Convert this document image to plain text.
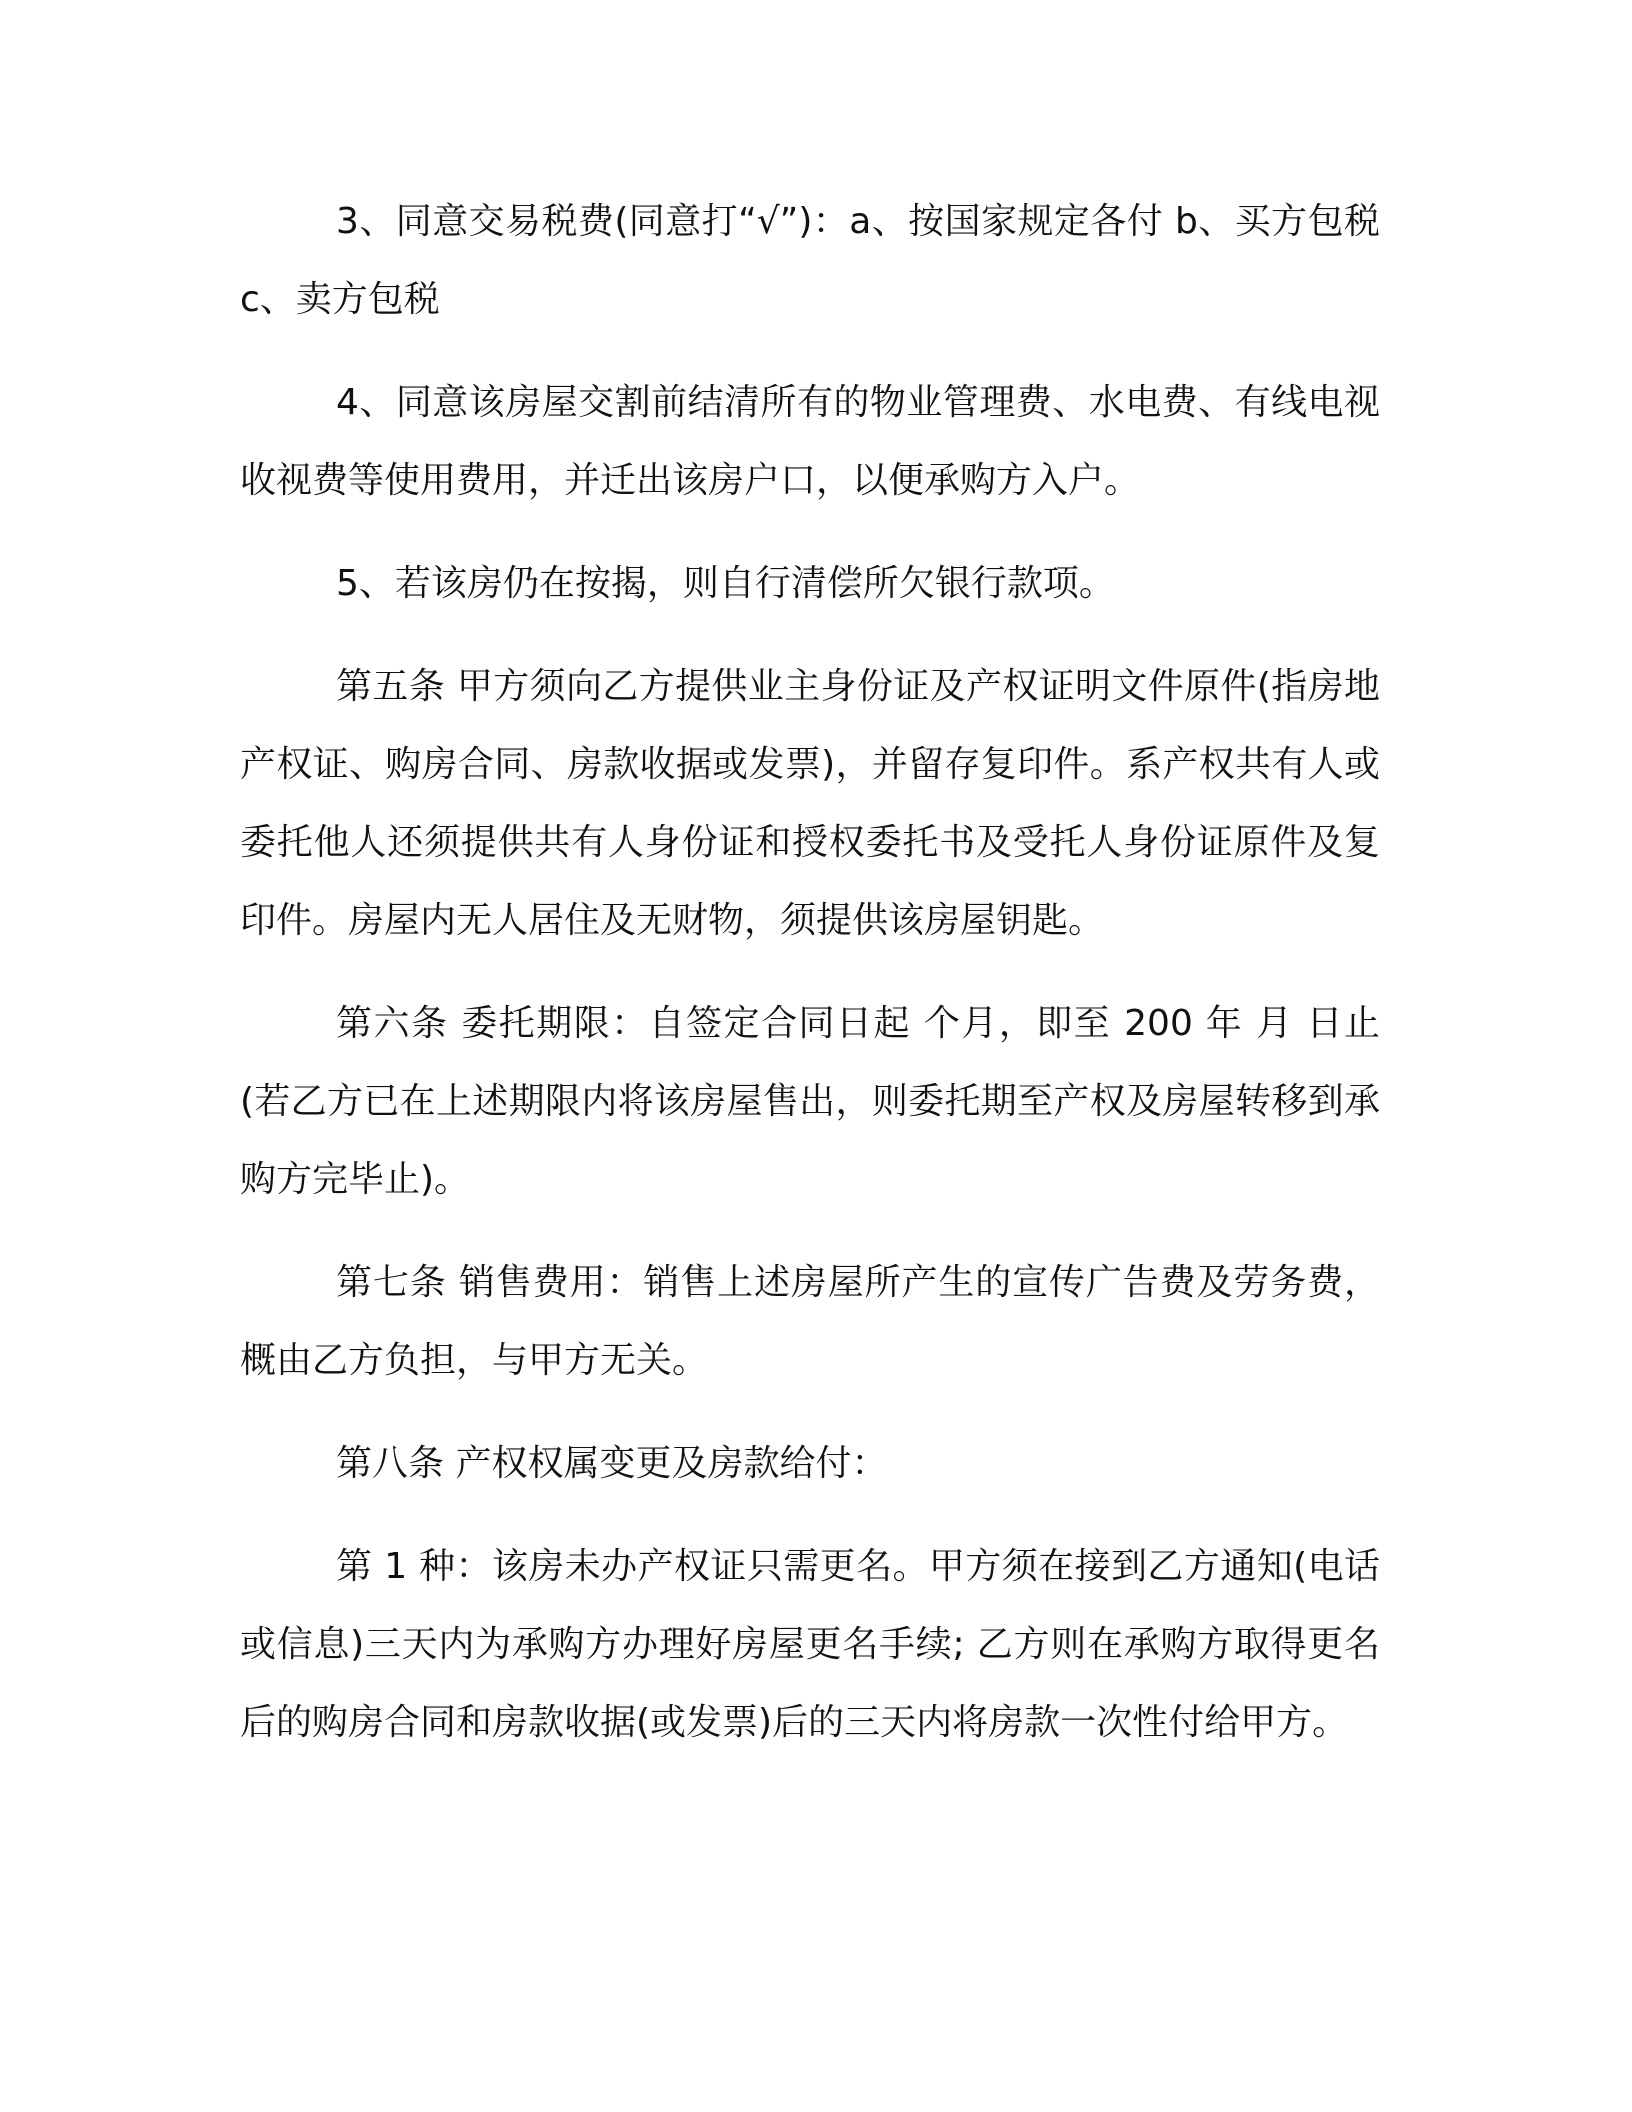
3、同意交易税费(同意打“√”)：a、按国家规定各付 b、买方包税 c、卖方包税

4、同意该房屋交割前结清所有的物业管理费、水电费、有线电视收视费等使用费用，并迁出该房户口，以便承购方入户。

5、若该房仍在按揭，则自行清偿所欠银行款项。

第五条 甲方须向乙方提供业主身份证及产权证明文件原件(指房地产权证、购房合同、房款收据或发票)，并留存复印件。系产权共有人或委托他人还须提供共有人身份证和授权委托书及受托人身份证原件及复印件。房屋内无人居住及无财物，须提供该房屋钥匙。

第六条 委托期限：自签定合同日起 个月，即至 200 年 月 日止(若乙方已在上述期限内将该房屋售出，则委托期至产权及房屋转移到承购方完毕止)。

第七条 销售费用：销售上述房屋所产生的宣传广告费及劳务费，概由乙方负担，与甲方无关。

第八条 产权权属变更及房款给付：

第 1 种：该房未办产权证只需更名。甲方须在接到乙方通知(电话或信息)三天内为承购方办理好房屋更名手续; 乙方则在承购方取得更名后的购房合同和房款收据(或发票)后的三天内将房款一次性付给甲方。
